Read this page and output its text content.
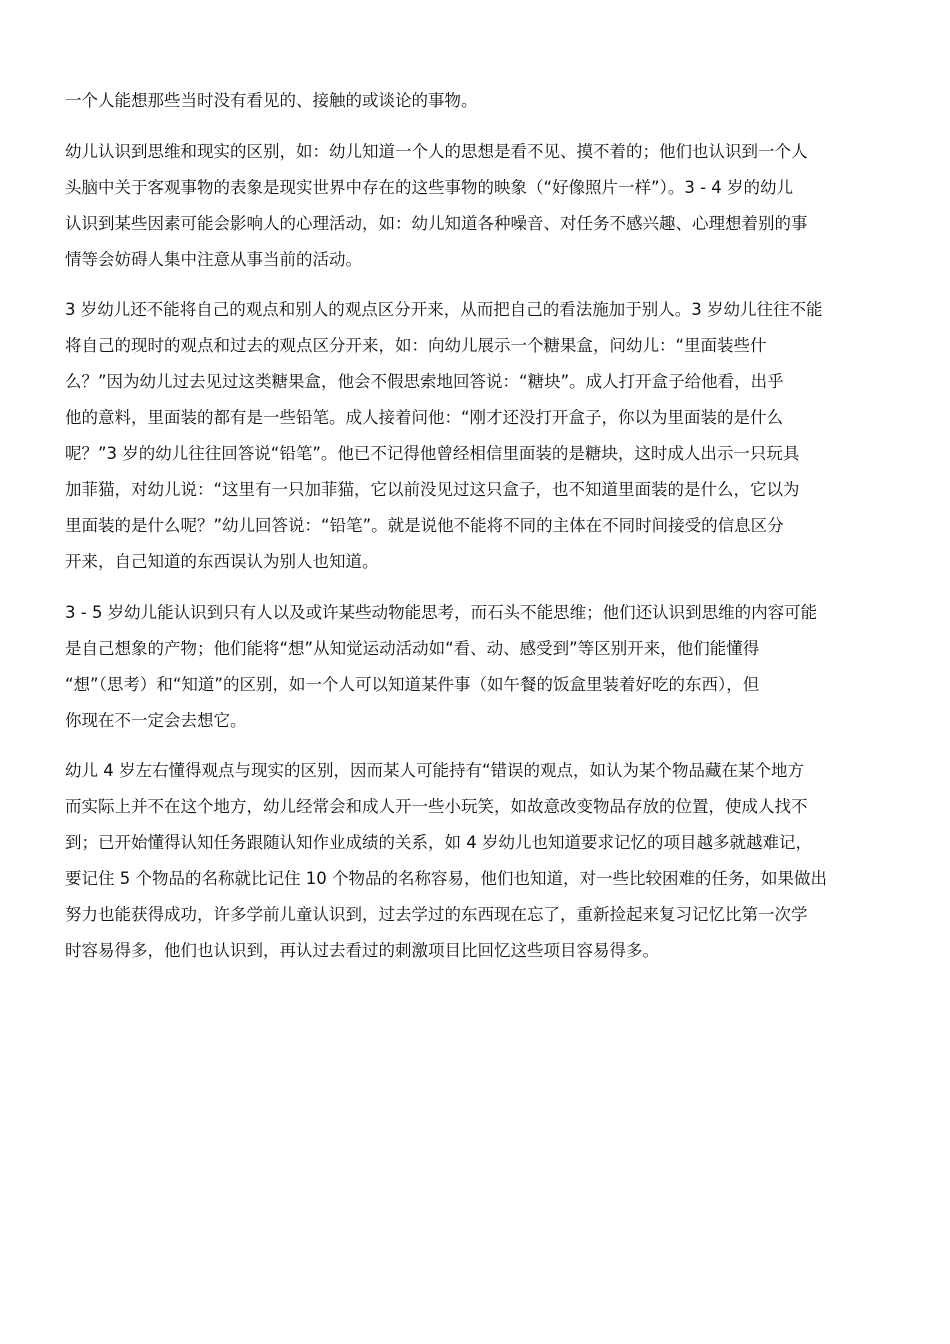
一个人能想那些当时没有看见的、接触的或谈论的事物。
幼儿认识到思维和现实的区别，如：幼儿知道一个人的思想是看不见、摸不着的；他们也认识到一个人
头脑中关于客观事物的表象是现实世界中存在的这些事物的映象（“好像照片一样”）。3 - 4 岁的幼儿
认识到某些因素可能会影响人的心理活动，如：幼儿知道各种噪音、对任务不感兴趣、心理想着别的事
情等会妨碍人集中注意从事当前的活动。
3 岁幼儿还不能将自己的观点和别人的观点区分开来，从而把自己的看法施加于别人。3 岁幼儿往往不能
将自己的现时的观点和过去的观点区分开来，如：向幼儿展示一个糖果盒，问幼儿：“里面装些什
么？”因为幼儿过去见过这类糖果盒，他会不假思索地回答说：“糖块”。成人打开盒子给他看，出乎
他的意料，里面装的都有是一些铅笔。成人接着问他：“刚才还没打开盒子，你以为里面装的是什么
呢？”3 岁的幼儿往往回答说“铅笔”。他已不记得他曾经相信里面装的是糖块，这时成人出示一只玩具
加菲猫，对幼儿说：“这里有一只加菲猫，它以前没见过这只盒子，也不知道里面装的是什么，它以为
里面装的是什么呢？”幼儿回答说：“铅笔”。就是说他不能将不同的主体在不同时间接受的信息区分
开来，自己知道的东西误认为别人也知道。
3 - 5 岁幼儿能认识到只有人以及或许某些动物能思考，而石头不能思维；他们还认识到思维的内容可能
是自己想象的产物；他们能将“想”从知觉运动活动如“看、动、感受到”等区别开来，他们能懂得
“想”（思考）和“知道”的区别，如一个人可以知道某件事（如午餐的饭盒里装着好吃的东西），但
你现在不一定会去想它。
幼儿 4 岁左右懂得观点与现实的区别，因而某人可能持有“错误的观点，如认为某个物品藏在某个地方
而实际上并不在这个地方，幼儿经常会和成人开一些小玩笑，如故意改变物品存放的位置，使成人找不
到；已开始懂得认知任务跟随认知作业成绩的关系，如 4 岁幼儿也知道要求记忆的项目越多就越难记，
要记住 5 个物品的名称就比记住 10 个物品的名称容易，他们也知道，对一些比较困难的任务，如果做出
努力也能获得成功，许多学前儿童认识到，过去学过的东西现在忘了，重新捡起来复习记忆比第一次学
时容易得多，他们也认识到，再认过去看过的刺激项目比回忆这些项目容易得多。
